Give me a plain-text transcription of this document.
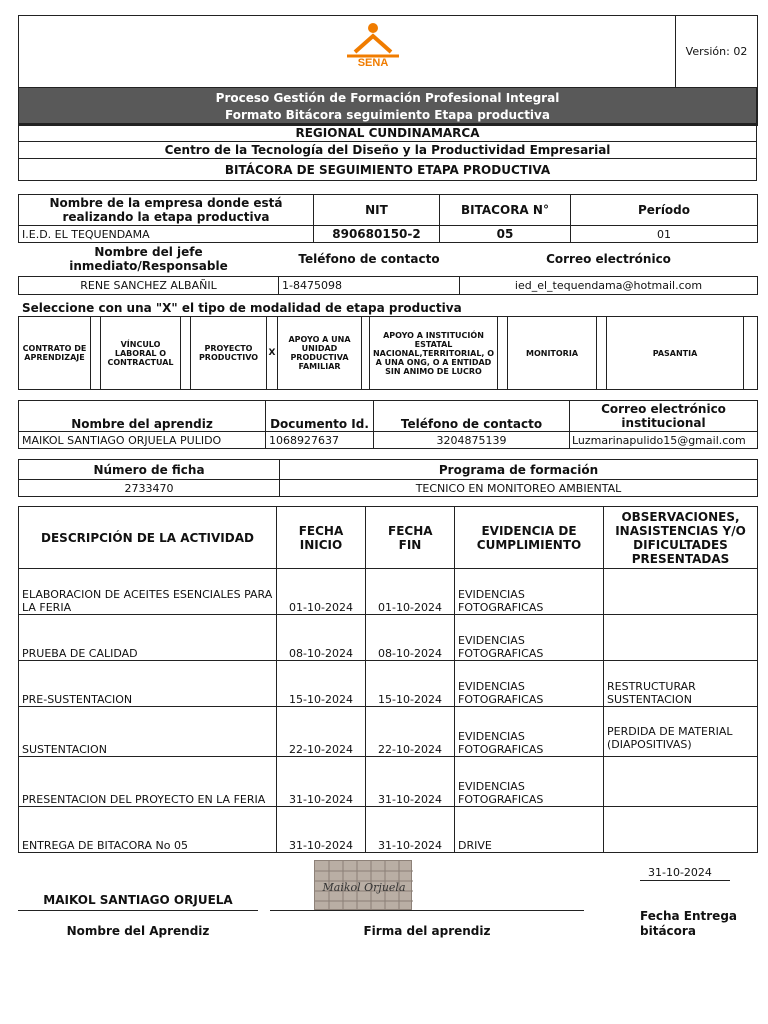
SENA
	Versión: 02

Proceso Gestión de Formación Profesional Integral
Formato Bitácora seguimiento Etapa productiva
REGIONAL CUNDINAMARCA
Centro de la Tecnología del Diseño y la Productividad Empresarial
BITÁCORA DE SEGUIMIENTO ETAPA PRODUCTIVA
Nombre de la empresa donde está realizando la etapa productiva	NIT	BITACORA N°	Período
I.E.D. EL TEQUENDAMA	890680150-2	05	01
Nombre del jefe inmediato/Responsable	Teléfono de contacto	Correo electrónico
RENE SANCHEZ ALBAÑIL	1-8475098	ied_el_tequendama@hotmail.com
Seleccione con una "X" el tipo de modalidad de etapa productiva
CONTRATO DE APRENDIZAJE		VÍNCULO LABORAL O CONTRACTUAL		PROYECTO PRODUCTIVO	X	APOYO A UNA UNIDAD PRODUCTIVA FAMILIAR		APOYO A INSTITUCIÓN ESTATAL NACIONAL,TERRITORIAL, O A UNA ONG, O A ENTIDAD SIN ANIMO DE LUCRO		MONITORIA		PASANTIA	
Nombre del aprendiz	Documento Id.	Teléfono de contacto	Correo electrónico institucional
MAIKOL SANTIAGO ORJUELA PULIDO	1068927637	3204875139	Luzmarinapulido15@gmail.com
Número de ficha	Programa de formación
2733470	TECNICO EN MONITOREO AMBIENTAL
DESCRIPCIÓN DE LA ACTIVIDAD	FECHA INICIO	FECHA FIN	EVIDENCIA DE CUMPLIMIENTO	OBSERVACIONES, INASISTENCIAS Y/O DIFICULTADES PRESENTADAS
ELABORACION DE ACEITES ESENCIALES PARA LA FERIA	01-10-2024	01-10-2024	EVIDENCIAS FOTOGRAFICAS	
PRUEBA DE CALIDAD	08-10-2024	08-10-2024	EVIDENCIAS FOTOGRAFICAS	
PRE-SUSTENTACION	15-10-2024	15-10-2024	EVIDENCIAS FOTOGRAFICAS	RESTRUCTURAR SUSTENTACION
SUSTENTACION	22-10-2024	22-10-2024	EVIDENCIAS FOTOGRAFICAS	PERDIDA DE MATERIAL (DIAPOSITIVAS)
PRESENTACION DEL PROYECTO EN LA FERIA	31-10-2024	31-10-2024	EVIDENCIAS FOTOGRAFICAS	
ENTREGA DE BITACORA No 05	31-10-2024	31-10-2024	DRIVE	
MAIKOL SANTIAGO ORJUELA
Nombre del Aprendiz
Maikol Orjuela
Firma del aprendiz
31-10-2024
Fecha Entrega
bitácora
